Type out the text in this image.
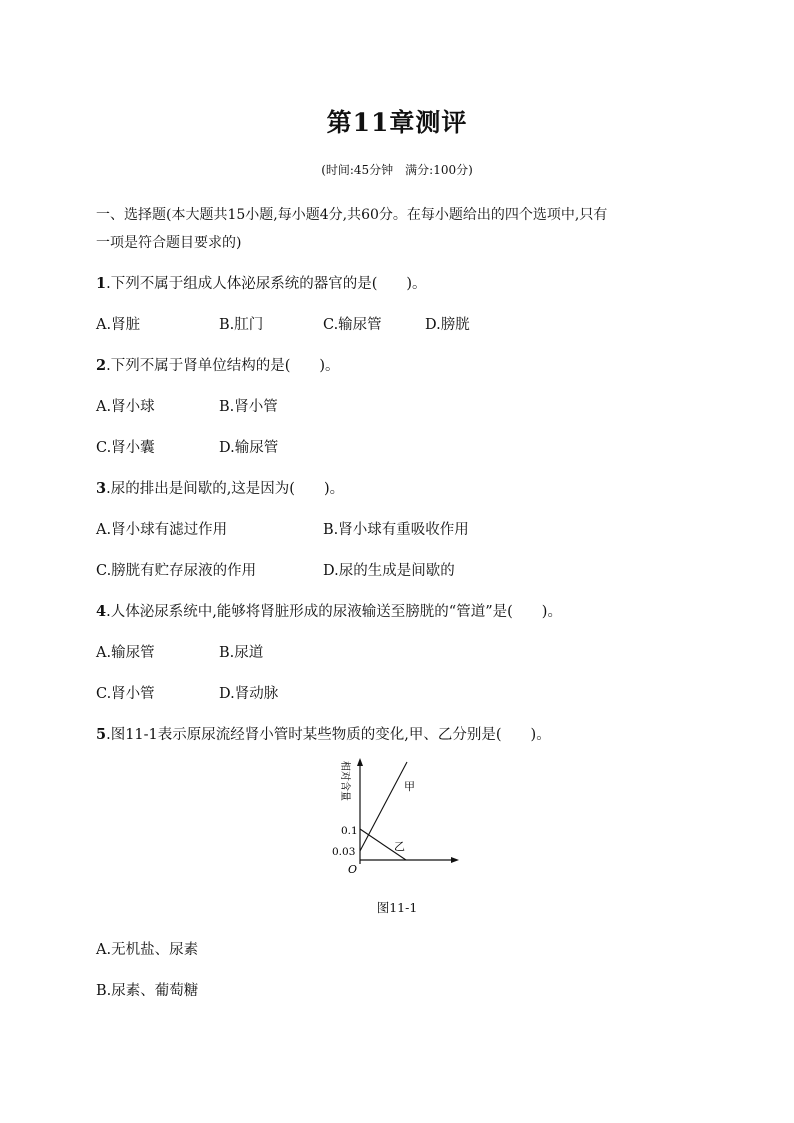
第11章测评
(时间:45分钟　满分:100分)
一、选择题(本大题共15小题,每小题4分,共60分。在每小题给出的四个选项中,只有
一项是符合题目要求的)
1.下列不属于组成人体泌尿系统的器官的是(　　)。
A.肾脏	B.肛门	C.输尿管	D.膀胱
2.下列不属于肾单位结构的是(　　)。
A.肾小球	B.肾小管
C.肾小囊	D.输尿管
3.尿的排出是间歇的,这是因为(　　)。
A.肾小球有滤过作用	B.肾小球有重吸收作用
C.膀胱有贮存尿液的作用	D.尿的生成是间歇的
4.人体泌尿系统中,能够将肾脏形成的尿液输送至膀胱的“管道”是(　　)。
A.输尿管	B.尿道
C.肾小管	D.肾动脉
5.图11-1表示原尿流经肾小管时某些物质的变化,甲、乙分别是(　　)。
相对含量
0.1
0.03
O
甲
乙
图11-1
A.无机盐、尿素
B.尿素、葡萄糖
